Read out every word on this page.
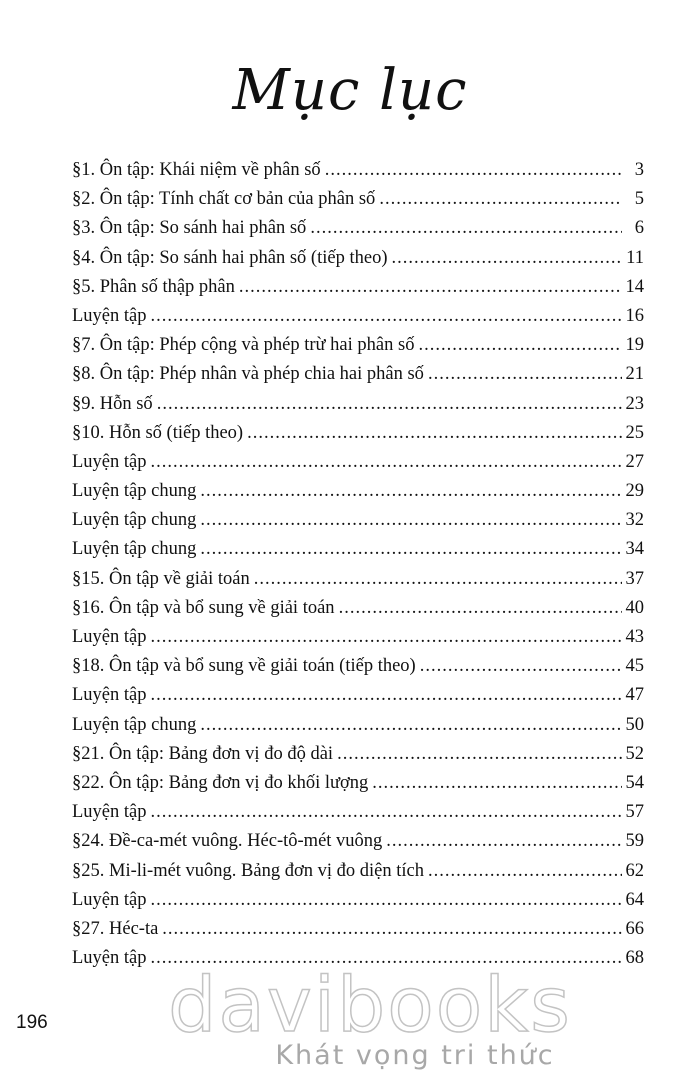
Mục lục
§1. Ôn tập: Khái niệm về phân số .....	3
§2. Ôn tập: Tính chất cơ bản của phân số .....	5
§3. Ôn tập: So sánh hai phân số .....	6
§4. Ôn tập: So sánh hai phân số (tiếp theo) .....	11
§5. Phân số thập phân .....	14
Luyện tập .....	16
§7. Ôn tập: Phép cộng và phép trừ hai phân số .....	19
§8. Ôn tập: Phép nhân và phép chia hai phân số .....	21
§9. Hỗn số .....	23
§10. Hỗn số (tiếp theo) .....	25
Luyện tập .....	27
Luyện tập chung .....	29
Luyện tập chung .....	32
Luyện tập chung .....	34
§15. Ôn tập về giải toán .....	37
§16. Ôn tập và bổ sung về giải toán .....	40
Luyện tập .....	43
§18. Ôn tập và bổ sung về giải toán (tiếp theo) .....	45
Luyện tập .....	47
Luyện tập chung .....	50
§21. Ôn tập: Bảng đơn vị đo độ dài .....	52
§22. Ôn tập: Bảng đơn vị đo khối lượng .....	54
Luyện tập .....	57
§24. Đề-ca-mét vuông. Héc-tô-mét vuông .....	59
§25. Mi-li-mét vuông. Bảng đơn vị đo diện tích .....	62
Luyện tập .....	64
§27. Héc-ta .....	66
Luyện tập .....	68
davibooks
Khát vọng tri thức
196
